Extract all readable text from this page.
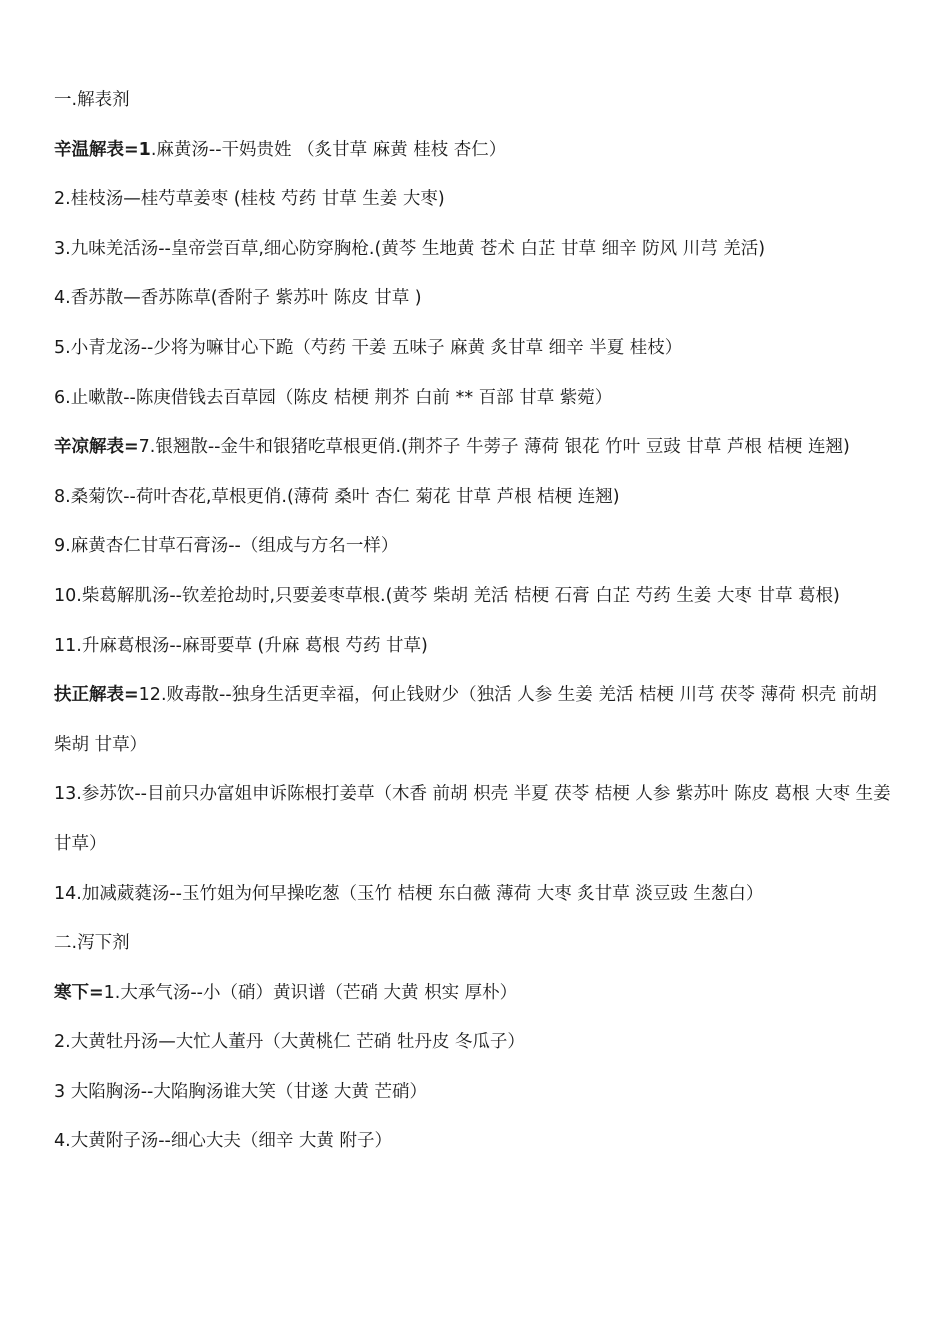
一.解表剂

辛温解表=1.麻黄汤--干妈贵姓 （炙甘草 麻黄 桂枝 杏仁）

2.桂枝汤—桂芍草姜枣 (桂枝 芍药 甘草 生姜 大枣)

3.九味羌活汤--皇帝尝百草,细心防穿胸枪.(黄芩 生地黄 苍术 白芷 甘草 细辛 防风 川芎 羌活)

4.香苏散—香苏陈草(香附子 紫苏叶 陈皮 甘草 )

5.小青龙汤--少将为嘛甘心下跪（芍药 干姜 五味子 麻黄 炙甘草 细辛 半夏 桂枝）

6.止嗽散--陈庚借钱去百草园（陈皮 桔梗 荆芥 白前 ** 百部 甘草 紫菀）

辛凉解表=7.银翘散--金牛和银猪吃草根更俏.(荆芥子 牛蒡子 薄荷 银花 竹叶 豆豉 甘草 芦根 桔梗 连翘)

8.桑菊饮--荷叶杏花,草根更俏.(薄荷 桑叶 杏仁 菊花 甘草 芦根 桔梗 连翘)

9.麻黄杏仁甘草石膏汤--（组成与方名一样）

10.柴葛解肌汤--钦差抢劫时,只要姜枣草根.(黄芩 柴胡 羌活 桔梗 石膏 白芷 芍药 生姜 大枣 甘草 葛根)

11.升麻葛根汤--麻哥要草 (升麻 葛根 芍药 甘草)

扶正解表=12.败毒散--独身生活更幸福，何止钱财少（独活 人参 生姜 羌活 桔梗 川芎 茯苓 薄荷 枳壳 前胡 柴胡 甘草）

13.参苏饮--目前只办富姐申诉陈根打姜草（木香 前胡 枳壳 半夏 茯苓 桔梗 人参 紫苏叶 陈皮 葛根 大枣 生姜 甘草）

14.加减葳蕤汤--玉竹姐为何早操吃葱（玉竹 桔梗 东白薇 薄荷 大枣 炙甘草 淡豆豉 生葱白）

二.泻下剂

寒下=1.大承气汤--小（硝）黄识谱（芒硝 大黄 枳实 厚朴）

2.大黄牡丹汤—大忙人董丹（大黄桃仁 芒硝 牡丹皮 冬瓜子）

3 大陷胸汤--大陷胸汤谁大笑（甘遂 大黄 芒硝）

4.大黄附子汤--细心大夫（细辛 大黄 附子）
